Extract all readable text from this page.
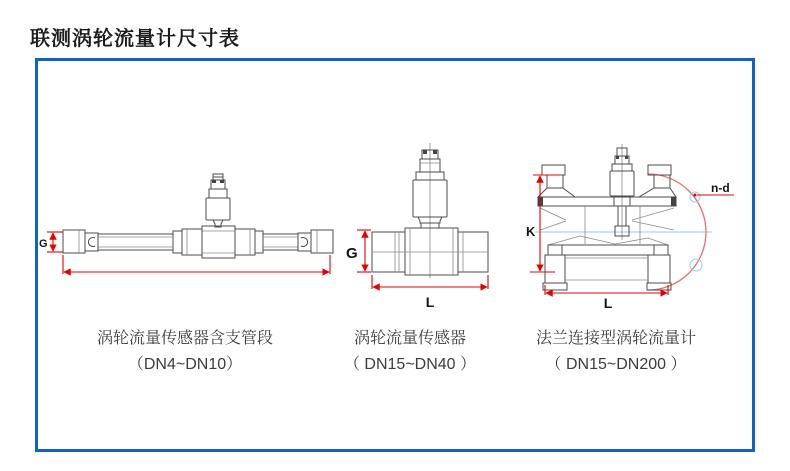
联测涡轮流量计尺寸表
G
G
L
n-d
K
L
涡轮流量传感器含支管段
（DN4~DN10）
涡轮流量传感器
（ DN15~DN40 ）
法兰连接型涡轮流量计
（ DN15~DN200 ）
